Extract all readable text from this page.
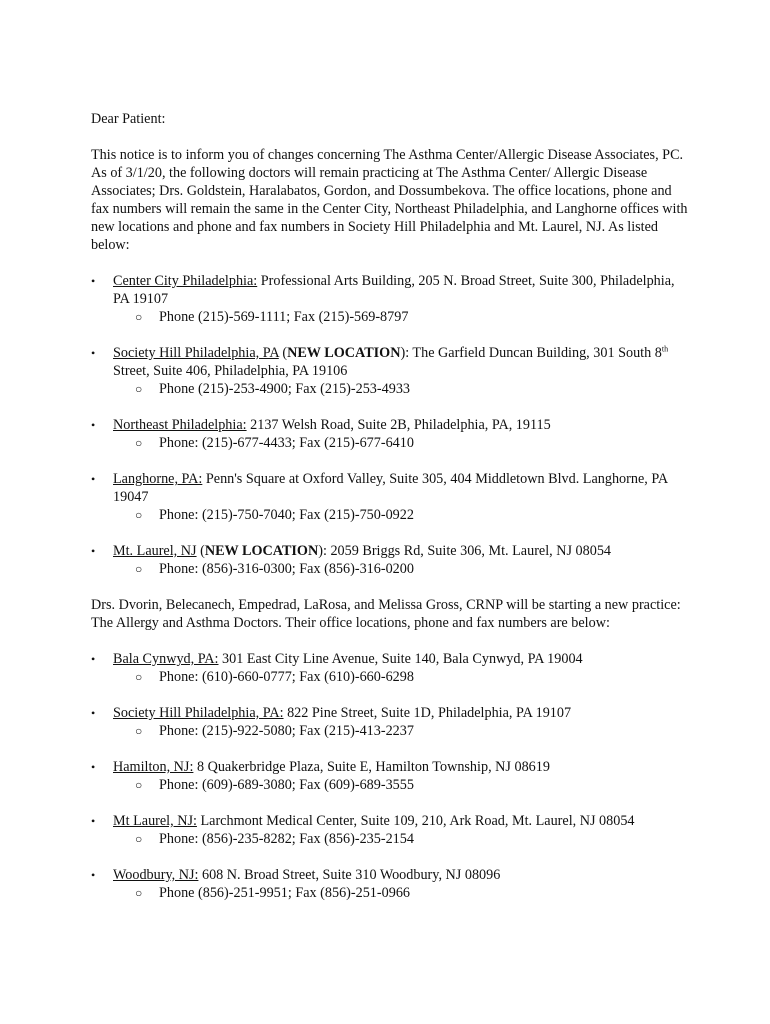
Dear Patient:

This notice is to inform you of changes concerning The Asthma Center/Allergic Disease Associates, PC. As of 3/1/20, the following doctors will remain practicing at The Asthma Center/ Allergic Disease Associates; Drs. Goldstein, Haralabatos, Gordon, and Dossumbekova. The office locations, phone and fax numbers will remain the same in the Center City, Northeast Philadelphia, and Langhorne offices with new locations and phone and fax numbers in Society Hill Philadelphia and Mt. Laurel, NJ. As listed below:

•	Center City Philadelphia: Professional Arts Building, 205 N. Broad Street, Suite 300, Philadelphia, PA 19107
○ Phone (215)-569-1111; Fax (215)-569-8797
•	Society Hill Philadelphia, PA (NEW LOCATION): The Garfield Duncan Building, 301 South 8th Street, Suite 406, Philadelphia, PA 19106
○ Phone (215)-253-4900; Fax (215)-253-4933
•	Northeast Philadelphia: 2137 Welsh Road, Suite 2B, Philadelphia, PA, 19115
○ Phone: (215)-677-4433; Fax (215)-677-6410
•	Langhorne, PA: Penn's Square at Oxford Valley, Suite 305, 404 Middletown Blvd. Langhorne, PA 19047
○ Phone: (215)-750-7040; Fax (215)-750-0922
•	Mt. Laurel, NJ (NEW LOCATION): 2059 Briggs Rd, Suite 306, Mt. Laurel, NJ 08054
○ Phone: (856)-316-0300; Fax (856)-316-0200

Drs. Dvorin, Belecanech, Empedrad, LaRosa, and Melissa Gross, CRNP will be starting a new practice: The Allergy and Asthma Doctors. Their office locations, phone and fax numbers are below:

•	Bala Cynwyd, PA: 301 East City Line Avenue, Suite 140, Bala Cynwyd, PA 19004
○ Phone: (610)-660-0777; Fax (610)-660-6298
•	Society Hill Philadelphia, PA: 822 Pine Street, Suite 1D, Philadelphia, PA 19107
○ Phone: (215)-922-5080; Fax (215)-413-2237
•	Hamilton, NJ: 8 Quakerbridge Plaza, Suite E, Hamilton Township, NJ 08619
○ Phone: (609)-689-3080; Fax (609)-689-3555
•	Mt Laurel, NJ: Larchmont Medical Center, Suite 109, 210, Ark Road, Mt. Laurel, NJ 08054
○ Phone: (856)-235-8282; Fax (856)-235-2154
•	Woodbury, NJ: 608 N. Broad Street, Suite 310 Woodbury, NJ 08096
○ Phone (856)-251-9951; Fax (856)-251-0966
